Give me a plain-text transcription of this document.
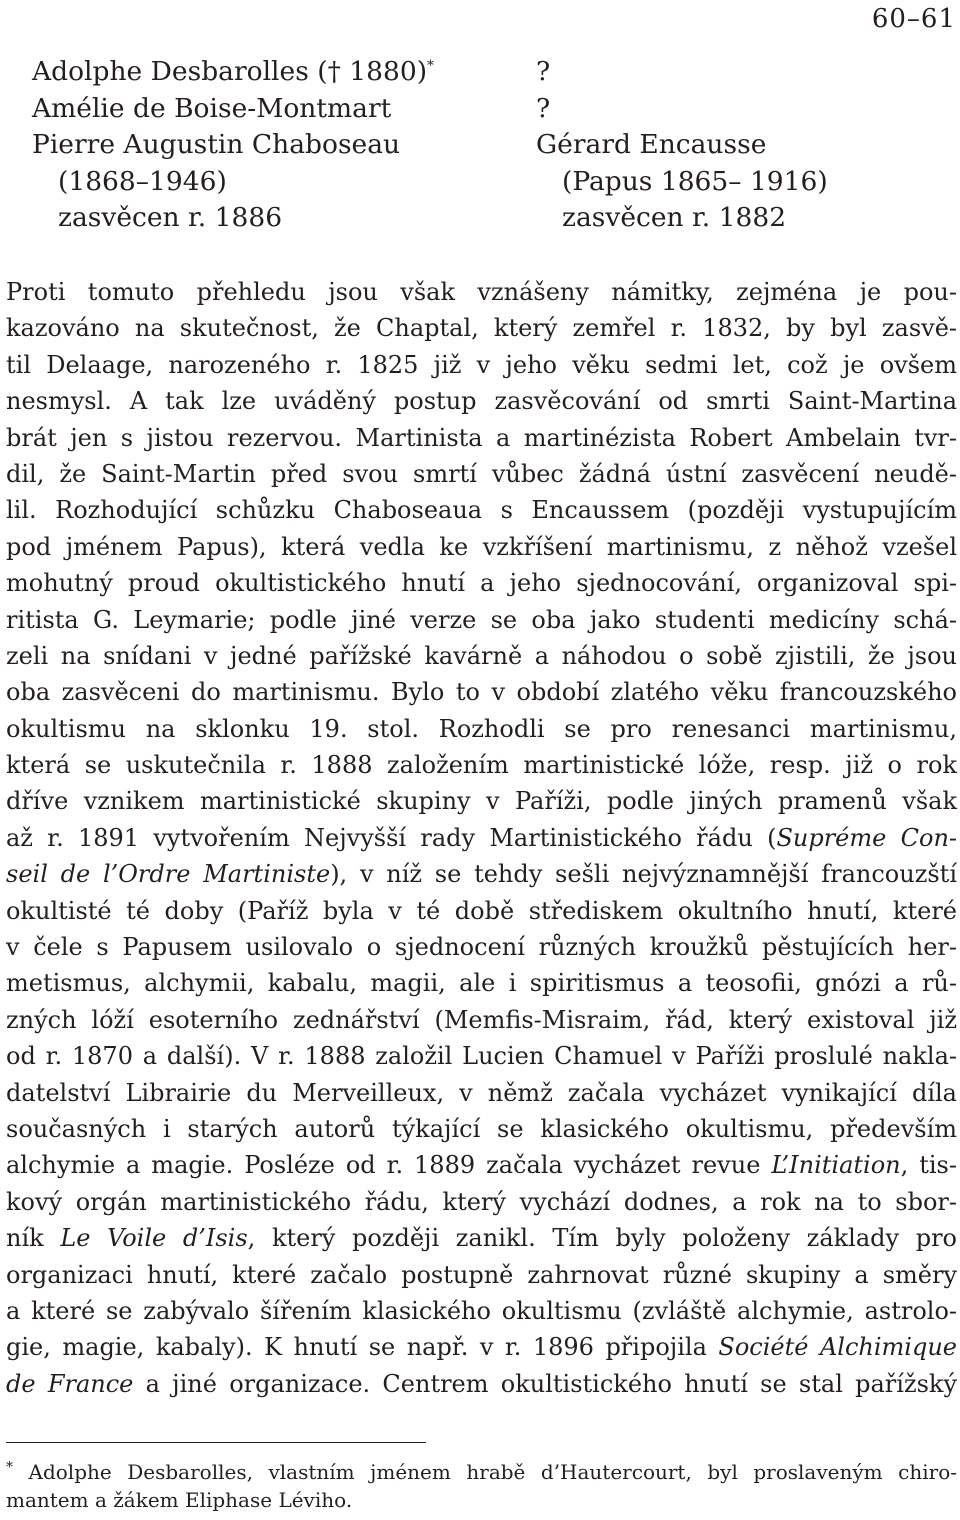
60–61
Adolphe Desbarolles († 1880)*	?
Amélie de Boise-Montmart	?
Pierre Augustin Chaboseau	Gérard Encausse
(1868–1946)	(Papus 1865– 1916)
zasvěcen r. 1886	zasvěcen r. 1882
Proti tomuto přehledu jsou však vznášeny námitky, zejména je pou-
kazováno na skutečnost, že Chaptal, který zemřel r. 1832, by byl zasvě-
til Delaage, narozeného r. 1825 již v jeho věku sedmi let, což je ovšem
nesmysl. A tak lze uváděný postup zasvěcování od smrti Saint-Martina
brát jen s jistou rezervou. Martinista a martinézista Robert Ambelain tvr-
dil, že Saint-Martin před svou smrtí vůbec žádná ústní zasvěcení neudě-
lil. Rozhodující schůzku Chaboseaua s Encaussem (později vystupujícím
pod jménem Papus), která vedla ke vzkříšení martinismu, z něhož vzešel
mohutný proud okultistického hnutí a jeho sjednocování, organizoval spi-
ritista G. Leymarie; podle jiné verze se oba jako studenti medicíny schá-
zeli na snídani v jedné pařížské kavárně a náhodou o sobě zjistili, že jsou
oba zasvěceni do martinismu. Bylo to v období zlatého věku francouzského
okultismu na sklonku 19. stol. Rozhodli se pro renesanci martinismu,
která se uskutečnila r. 1888 založením martinistické lóže, resp. již o rok
dříve vznikem martinistické skupiny v Paříži, podle jiných pramenů však
až r. 1891 vytvořením Nejvyšší rady Martinistického řádu (Supréme Con-
seil de l’Ordre Martiniste), v níž se tehdy sešli nejvýznamnější francouzští
okultisté té doby (Paříž byla v té době střediskem okultního hnutí, které
v čele s Papusem usilovalo o sjednocení různých kroužků pěstujících her-
metismus, alchymii, kabalu, magii, ale i spiritismus a teosofii, gnózi a rů-
zných lóží esoterního zednářství (Memfis-Misraim, řád, který existoval již
od r. 1870 a další). V r. 1888 založil Lucien Chamuel v Paříži proslulé nakla-
datelství Librairie du Merveilleux, v němž začala vycházet vynikající díla
současných i starých autorů týkající se klasického okultismu, především
alchymie a magie. Posléze od r. 1889 začala vycházet revue L’Initiation, tis-
kový orgán martinistického řádu, který vychází dodnes, a rok na to sbor-
ník Le Voile d’Isis, který později zanikl. Tím byly položeny základy pro
organizaci hnutí, které začalo postupně zahrnovat různé skupiny a směry
a které se zabývalo šířením klasického okultismu (zvláště alchymie, astrolo-
gie, magie, kabaly). K hnutí se např. v r. 1896 připojila Société Alchimique
de France a jiné organizace. Centrem okultistického hnutí se stal pařížský
* Adolphe Desbarolles, vlastním jménem hrabě d’Hautercourt, byl proslaveným chiro-
mantem a žákem Eliphase Léviho.
